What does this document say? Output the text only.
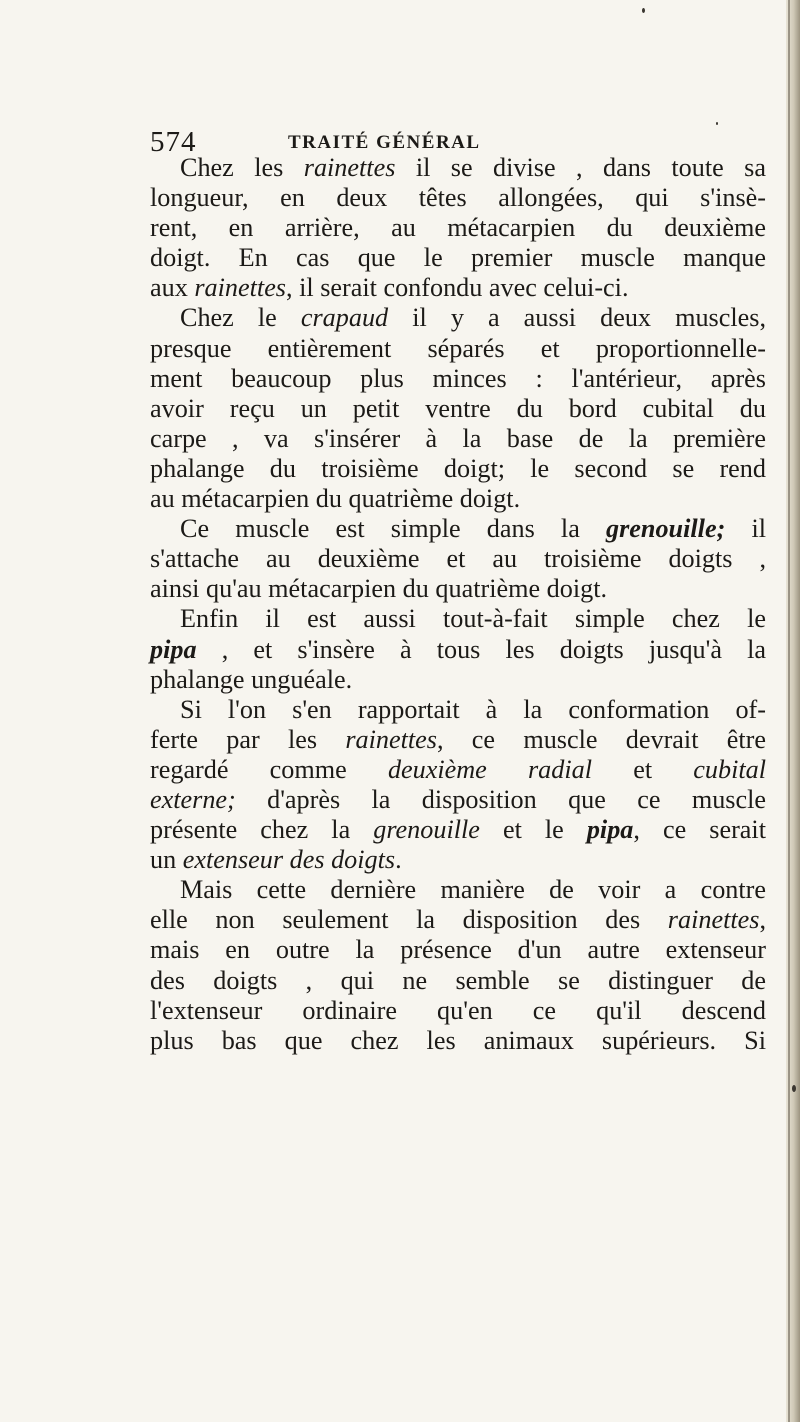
574	TRAITÉ GÉNÉRAL
Chez les rainettes il se divise , dans toute sa
longueur, en deux têtes allongées, qui s'insè-
rent, en arrière, au métacarpien du deuxième
doigt. En cas que le premier muscle manque
aux rainettes, il serait confondu avec celui-ci.
Chez le crapaud il y a aussi deux muscles,
presque entièrement séparés et proportionnelle-
ment beaucoup plus minces : l'antérieur, après
avoir reçu un petit ventre du bord cubital du
carpe , va s'insérer à la base de la première
phalange du troisième doigt; le second se rend
au métacarpien du quatrième doigt.
Ce muscle est simple dans la grenouille; il
s'attache au deuxième et au troisième doigts ,
ainsi qu'au métacarpien du quatrième doigt.
Enfin il est aussi tout-à-fait simple chez le
pipa , et s'insère à tous les doigts jusqu'à la
phalange unguéale.
Si l'on s'en rapportait à la conformation of-
ferte par les rainettes, ce muscle devrait être
regardé comme deuxième radial et cubital
externe; d'après la disposition que ce muscle
présente chez la grenouille et le pipa, ce serait
un extenseur des doigts.
Mais cette dernière manière de voir a contre
elle non seulement la disposition des rainettes,
mais en outre la présence d'un autre extenseur
des doigts , qui ne semble se distinguer de
l'extenseur ordinaire qu'en ce qu'il descend
plus bas que chez les animaux supérieurs. Si
